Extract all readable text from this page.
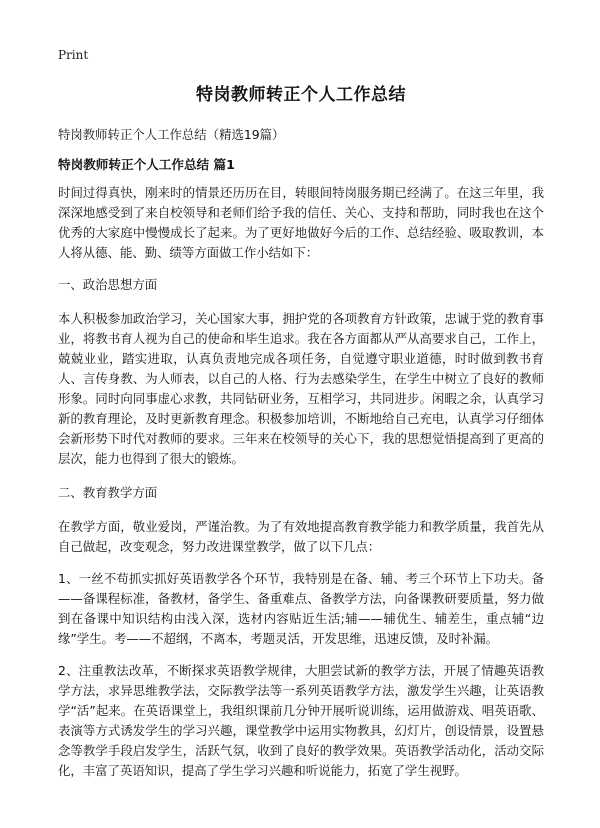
Print
特岗教师转正个人工作总结
特岗教师转正个人工作总结（精选19篇）
特岗教师转正个人工作总结 篇1

时间过得真快，刚来时的情景还历历在目，转眼间特岗服务期已经满了。在这三年里，我深深地感受到了来自校领导和老师们给予我的信任、关心、支持和帮助，同时我也在这个优秀的大家庭中慢慢成长了起来。为了更好地做好今后的工作、总结经验、吸取教训，本人将从德、能、勤、绩等方面做工作小结如下：

一、政治思想方面

本人积极参加政治学习，关心国家大事，拥护党的各项教育方针政策，忠诚于党的教育事业，将教书育人视为自己的使命和毕生追求。我在各方面都从严从高要求自己，工作上，兢兢业业，踏实进取，认真负责地完成各项任务，自觉遵守职业道德，时时做到教书育人、言传身教、为人师表，以自己的人格、行为去感染学生，在学生中树立了良好的教师形象。同时向同事虚心求教，共同钻研业务，互相学习，共同进步。闲暇之余，认真学习新的教育理论，及时更新教育理念。积极参加培训，不断地给自己充电，认真学习仔细体会新形势下时代对教师的要求。三年来在校领导的关心下，我的思想觉悟提高到了更高的层次，能力也得到了很大的锻炼。

二、教育教学方面

在教学方面，敬业爱岗，严谨治教。为了有效地提高教育教学能力和教学质量，我首先从自己做起，改变观念，努力改进课堂教学，做了以下几点：

1、一丝不苟抓实抓好英语教学各个环节，我特别是在备、辅、考三个环节上下功夫。备——备课程标准，备教材，备学生、备重难点、备教学方法，向备课教研要质量，努力做到在备课中知识结构由浅入深，选材内容贴近生活;辅——辅优生、辅差生，重点辅“边缘”学生。考——不超纲，不离本，考题灵活，开发思维，迅速反馈，及时补漏。

2、注重教法改革，不断探求英语教学规律，大胆尝试新的教学方法，开展了情趣英语教学方法，求异思维教学法，交际教学法等一系列英语教学方法，激发学生兴趣，让英语教学“活”起来。在英语课堂上，我组织课前几分钟开展听说训练，运用做游戏、唱英语歌、表演等方式诱发学生的学习兴趣，课堂教学中运用实物教具，幻灯片，创设情景，设置悬念等教学手段启发学生，活跃气氛，收到了良好的教学效果。英语教学活动化，活动交际化，丰富了英语知识，提高了学生学习兴趣和听说能力，拓宽了学生视野。
